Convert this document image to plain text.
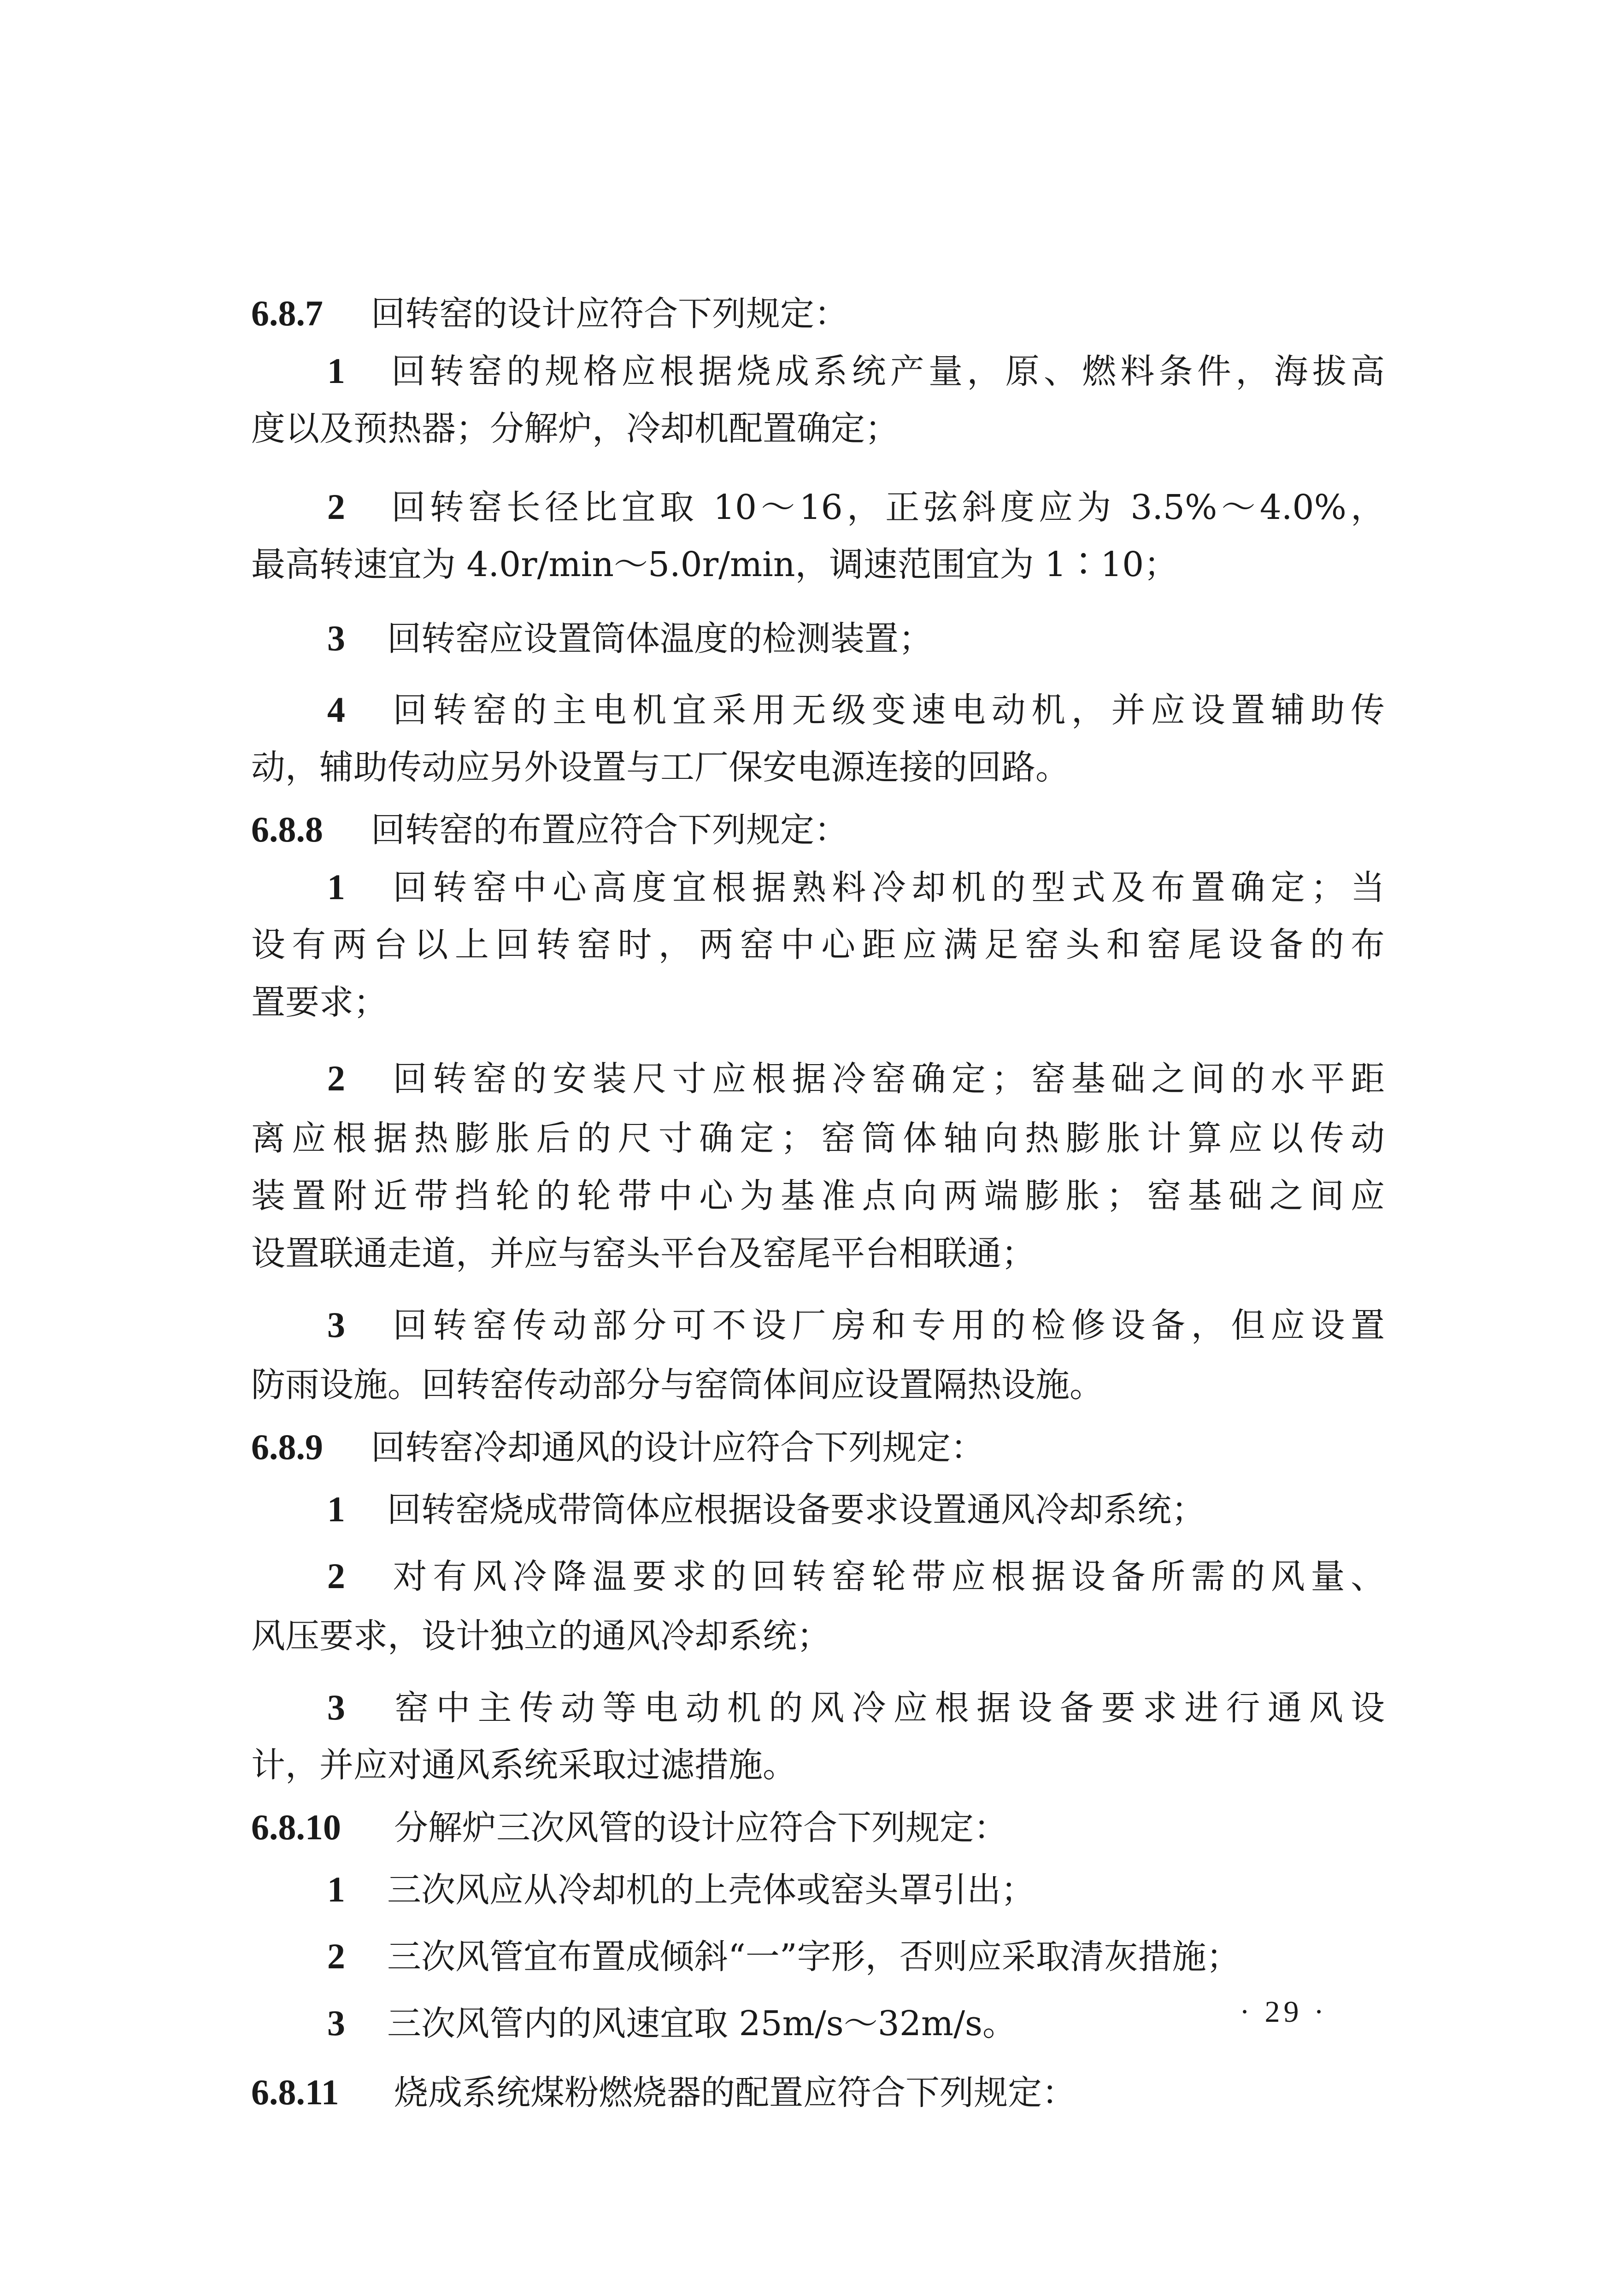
6.8.7 回转窑的设计应符合下列规定：
1 回转窑的规格应根据烧成系统产量，原、燃料条件，海拔高
度以及预热器；分解炉，冷却机配置确定；
2 回转窑长径比宜取 10～16，正弦斜度应为 3.5%～4.0%，
最高转速宜为 4.0r/min～5.0r/min，调速范围宜为 1∶10；
3 回转窑应设置筒体温度的检测装置；
4 回转窑的主电机宜采用无级变速电动机，并应设置辅助传
动，辅助传动应另外设置与工厂保安电源连接的回路。
6.8.8 回转窑的布置应符合下列规定：
1 回转窑中心高度宜根据熟料冷却机的型式及布置确定；当
设有两台以上回转窑时，两窑中心距应满足窑头和窑尾设备的布
置要求；
2 回转窑的安装尺寸应根据冷窑确定；窑基础之间的水平距
离应根据热膨胀后的尺寸确定；窑筒体轴向热膨胀计算应以传动
装置附近带挡轮的轮带中心为基准点向两端膨胀；窑基础之间应
设置联通走道，并应与窑头平台及窑尾平台相联通；
3 回转窑传动部分可不设厂房和专用的检修设备，但应设置
防雨设施。回转窑传动部分与窑筒体间应设置隔热设施。
6.8.9 回转窑冷却通风的设计应符合下列规定：
1 回转窑烧成带筒体应根据设备要求设置通风冷却系统；
2 对有风冷降温要求的回转窑轮带应根据设备所需的风量、
风压要求，设计独立的通风冷却系统；
3 窑中主传动等电动机的风冷应根据设备要求进行通风设
计，并应对通风系统采取过滤措施。
6.8.10 分解炉三次风管的设计应符合下列规定：
1 三次风应从冷却机的上壳体或窑头罩引出；
2 三次风管宜布置成倾斜“一”字形，否则应采取清灰措施；
3 三次风管内的风速宜取 25m/s～32m/s。
6.8.11 烧成系统煤粉燃烧器的配置应符合下列规定：
· 29 ·
